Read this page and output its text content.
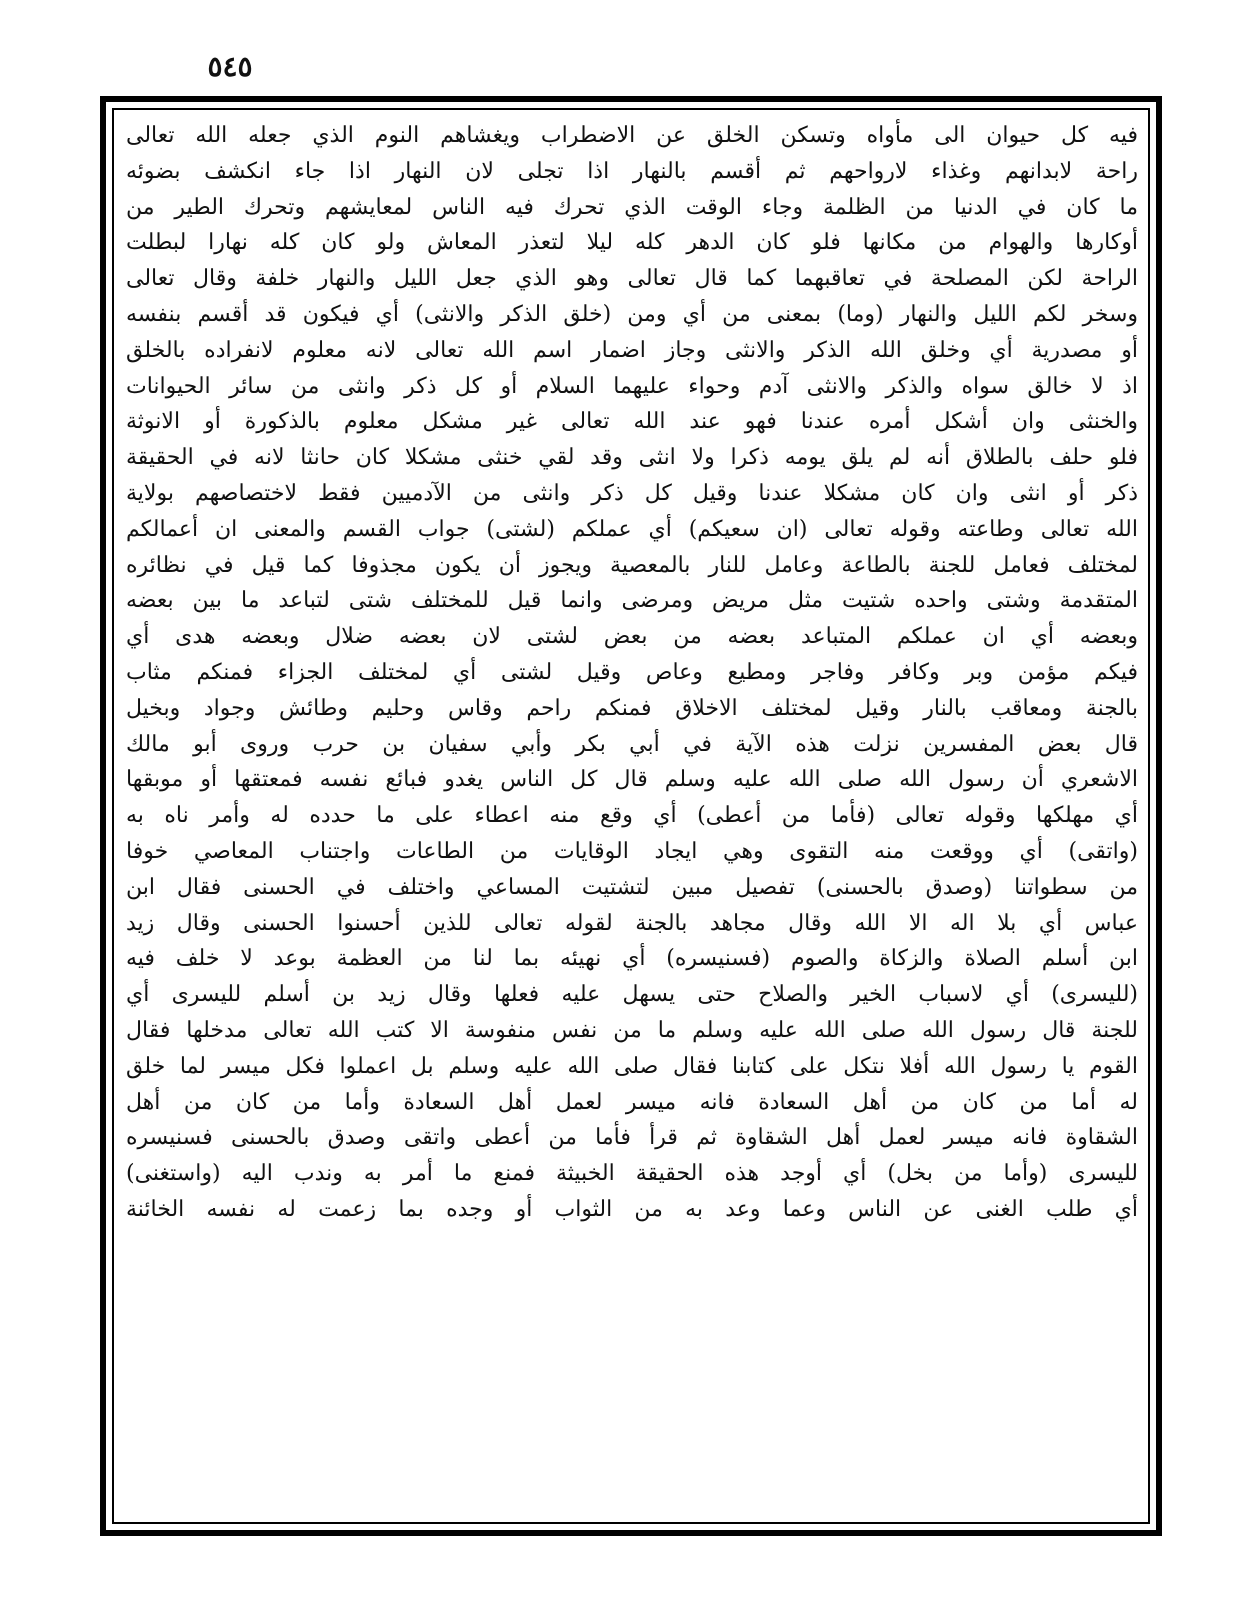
٥٤٥
فيه كل حيوان الى مأواه وتسكن الخلق عن الاضطراب ويغشاهم النوم الذي جعله الله تعالى
راحة لابدانهم وغذاء لارواحهم ثم أقسم بالنهار اذا تجلى لان النهار اذا جاء انكشف بضوئه
ما كان في الدنيا من الظلمة وجاء الوقت الذي تحرك فيه الناس لمعايشهم وتحرك الطير من
أوكارها والهوام من مكانها فلو كان الدهر كله ليلا لتعذر المعاش ولو كان كله نهارا لبطلت
الراحة لكن المصلحة في تعاقبهما كما قال تعالى وهو الذي جعل الليل والنهار خلفة وقال تعالى
وسخر لكم الليل والنهار (وما) بمعنى من أي ومن (خلق الذكر والانثى) أي فيكون قد أقسم بنفسه
أو مصدرية أي وخلق الله الذكر والانثى وجاز اضمار اسم الله تعالى لانه معلوم لانفراده بالخلق
اذ لا خالق سواه والذكر والانثى آدم وحواء عليهما السلام أو كل ذكر وانثى من سائر الحيوانات
والخنثى وان أشكل أمره عندنا فهو عند الله تعالى غير مشكل معلوم بالذكورة أو الانوثة
فلو حلف بالطلاق أنه لم يلق يومه ذكرا ولا انثى وقد لقي خنثى مشكلا كان حانثا لانه في الحقيقة
ذكر أو انثى وان كان مشكلا عندنا وقيل كل ذكر وانثى من الآدميين فقط لاختصاصهم بولاية
الله تعالى وطاعته وقوله تعالى (ان سعيكم) أي عملكم (لشتى) جواب القسم والمعنى ان أعمالكم
لمختلف فعامل للجنة بالطاعة وعامل للنار بالمعصية ويجوز أن يكون مجذوفا كما قيل في نظائره
المتقدمة وشتى واحده شتيت مثل مريض ومرضى وانما قيل للمختلف شتى لتباعد ما بين بعضه
وبعضه أي ان عملكم المتباعد بعضه من بعض لشتى لان بعضه ضلال وبعضه هدى أي
فيكم مؤمن وبر وكافر وفاجر ومطيع وعاص وقيل لشتى أي لمختلف الجزاء فمنكم مثاب
بالجنة ومعاقب بالنار وقيل لمختلف الاخلاق فمنكم راحم وقاس وحليم وطائش وجواد وبخيل
قال بعض المفسرين نزلت هذه الآية في أبي بكر وأبي سفيان بن حرب وروى أبو مالك
الاشعري أن رسول الله صلى الله عليه وسلم قال كل الناس يغدو فبائع نفسه فمعتقها أو موبقها
أي مهلكها وقوله تعالى (فأما من أعطى) أي وقع منه اعطاء على ما حدده له وأمر ناه به
(واتقى) أي ووقعت منه التقوى وهي ايجاد الوقايات من الطاعات واجتناب المعاصي خوفا
من سطواتنا (وصدق بالحسنى) تفصيل مبين لتشتيت المساعي واختلف في الحسنى فقال ابن
عباس أي بلا اله الا الله وقال مجاهد بالجنة لقوله تعالى للذين أحسنوا الحسنى وقال زيد
ابن أسلم الصلاة والزكاة والصوم (فسنيسره) أي نهيئه بما لنا من العظمة بوعد لا خلف فيه
(لليسرى) أي لاسباب الخير والصلاح حتى يسهل عليه فعلها وقال زيد بن أسلم لليسرى أي
للجنة قال رسول الله صلى الله عليه وسلم ما من نفس منفوسة الا كتب الله تعالى مدخلها فقال
القوم يا رسول الله أفلا نتكل على كتابنا فقال صلى الله عليه وسلم بل اعملوا فكل ميسر لما خلق
له أما من كان من أهل السعادة فانه ميسر لعمل أهل السعادة وأما من كان من أهل
الشقاوة فانه ميسر لعمل أهل الشقاوة ثم قرأ فأما من أعطى واتقى وصدق بالحسنى فسنيسره
لليسرى (وأما من بخل) أي أوجد هذه الحقيقة الخبيثة فمنع ما أمر به وندب اليه (واستغنى)
أي طلب الغنى عن الناس وعما وعد به من الثواب أو وجده بما زعمت له نفسه الخائنة
